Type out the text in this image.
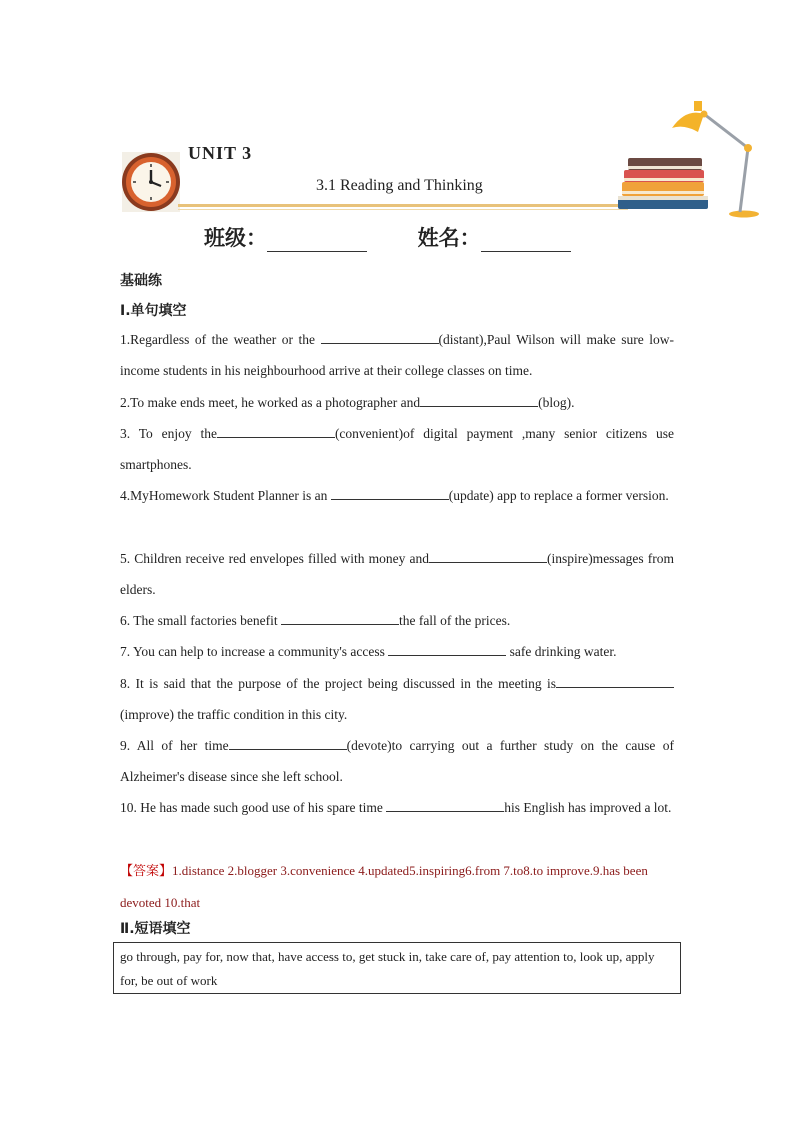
UNIT 3
3.1 Reading and Thinking
班级：	姓名：
基础练
Ⅰ.单句填空
1.Regardless of the weather or the	(distant),Paul Wilson will make sure low-income students in his neighbourhood arrive at their college classes on time.
2.To make ends meet, he worked as a photographer and	(blog).
3. To enjoy the	(convenient)of digital payment ,many senior citizens use smartphones.
4.MyHomework Student Planner is an	(update) app to replace a former version.
5. Children receive red envelopes filled with money and	(inspire)messages from elders.
6. The small factories benefit	the fall of the prices.
7. You can help to increase a community's access	safe drinking water.
8. It is said that the purpose of the project being discussed in the meeting is(improve) the traffic condition in this city.
9. All of her time	(devote)to carrying out a further study on the cause of Alzheimer's disease since she left school.
10. He has made such good use of his spare time	his English has improved a lot.
【答案】1.distance 2.blogger 3.convenience 4.updated5.inspiring6.from 7.to8.to improve.9.has been devoted 10.that
Ⅱ.短语填空
go through, pay for, now that, have access to, get stuck in, take care of, pay attention to, look up, apply for, be out of work
